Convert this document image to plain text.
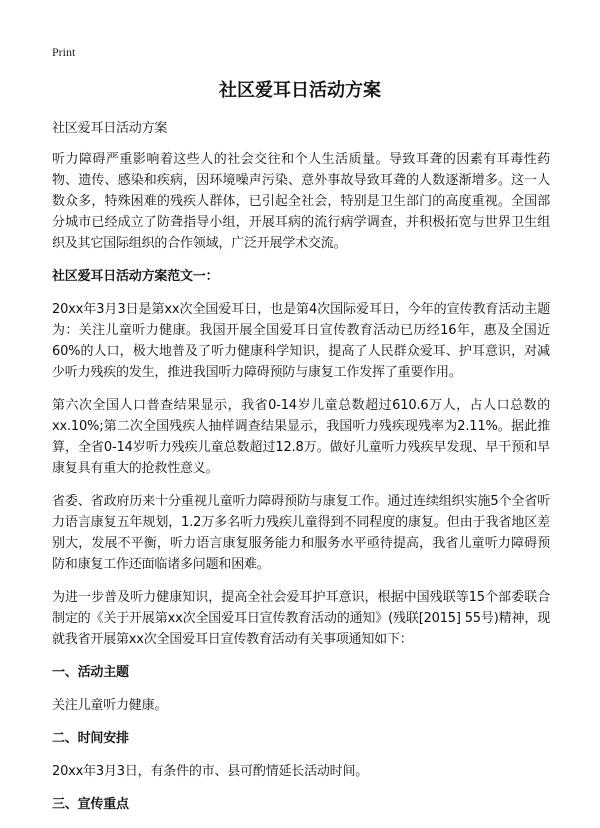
Print
社区爱耳日活动方案
社区爱耳日活动方案

听力障碍严重影响着这些人的社会交往和个人生活质量。导致耳聋的因素有耳毒性药物、遗传、感染和疾病，因环境噪声污染、意外事故导致耳聋的人数逐渐增多。这一人数众多，特殊困难的残疾人群体，已引起全社会，特别是卫生部门的高度重视。全国部分城市已经成立了防聋指导小组，开展耳病的流行病学调查，并积极拓宽与世界卫生组织及其它国际组织的合作领域，广泛开展学术交流。

社区爱耳日活动方案范文一：

20xx年3月3日是第xx次全国爱耳日，也是第4次国际爱耳日，今年的宣传教育活动主题为：关注儿童听力健康。我国开展全国爱耳日宣传教育活动已历经16年，惠及全国近60%的人口，极大地普及了听力健康科学知识，提高了人民群众爱耳、护耳意识，对减少听力残疾的发生，推进我国听力障碍预防与康复工作发挥了重要作用。

第六次全国人口普查结果显示，我省0-14岁儿童总数超过610.6万人，占人口总数的xx.10%;第二次全国残疾人抽样调查结果显示，我国听力残疾现残率为2.11%。据此推算，全省0-14岁听力残疾儿童总数超过12.8万。做好儿童听力残疾早发现、早干预和早康复具有重大的抢救性意义。

省委、省政府历来十分重视儿童听力障碍预防与康复工作。通过连续组织实施5个全省听力语言康复五年规划，1.2万多名听力残疾儿童得到不同程度的康复。但由于我省地区差别大，发展不平衡，听力语言康复服务能力和服务水平亟待提高，我省儿童听力障碍预防和康复工作还面临诸多问题和困难。

为进一步普及听力健康知识，提高全社会爱耳护耳意识，根据中国残联等15个部委联合制定的《关于开展第xx次全国爱耳日宣传教育活动的通知》(残联[2015] 55号)精神，现就我省开展第xx次全国爱耳日宣传教育活动有关事项通知如下：

一、活动主题

关注儿童听力健康。

二、时间安排

20xx年3月3日，有条件的市、县可酌情延长活动时间。

三、宣传重点
